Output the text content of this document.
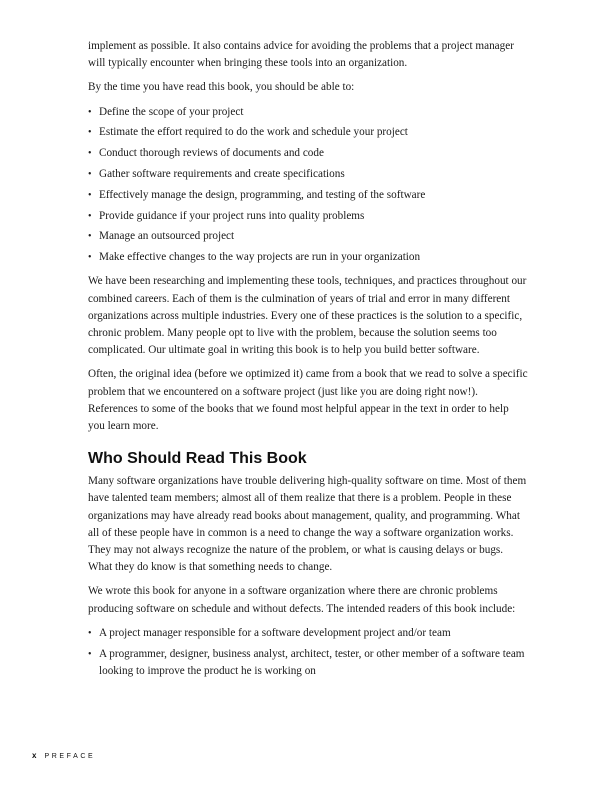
implement as possible. It also contains advice for avoiding the problems that a project manager will typically encounter when bringing these tools into an organization.

By the time you have read this book, you should be able to:

• Define the scope of your project
• Estimate the effort required to do the work and schedule your project
• Conduct thorough reviews of documents and code
• Gather software requirements and create specifications
• Effectively manage the design, programming, and testing of the software
• Provide guidance if your project runs into quality problems
• Manage an outsourced project
• Make effective changes to the way projects are run in your organization

We have been researching and implementing these tools, techniques, and practices throughout our combined careers. Each of them is the culmination of years of trial and error in many different organizations across multiple industries. Every one of these practices is the solution to a specific, chronic problem. Many people opt to live with the problem, because the solution seems too complicated. Our ultimate goal in writing this book is to help you build better software.

Often, the original idea (before we optimized it) came from a book that we read to solve a specific problem that we encountered on a software project (just like you are doing right now!). References to some of the books that we found most helpful appear in the text in order to help you learn more.

Who Should Read This Book

Many software organizations have trouble delivering high-quality software on time. Most of them have talented team members; almost all of them realize that there is a problem. People in these organizations may have already read books about management, quality, and programming. What all of these people have in common is a need to change the way a software organization works. They may not always recognize the nature of the problem, or what is causing delays or bugs. What they do know is that something needs to change.

We wrote this book for anyone in a software organization where there are chronic problems producing software on schedule and without defects. The intended readers of this book include:

• A project manager responsible for a software development project and/or team
• A programmer, designer, business analyst, architect, tester, or other member of a software team looking to improve the product he is working on
x PREFACE
